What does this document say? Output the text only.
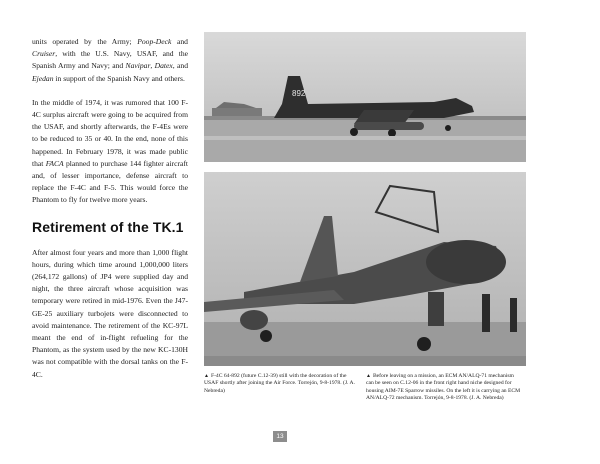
units operated by the Army; Poop-Deck and Cruiser, with the U.S. Navy, USAF, and the Spanish Army and Navy; and Navipar, Datex, and Ejedan in support of the Spanish Navy and others.

In the middle of 1974, it was rumored that 100 F-4C surplus aircraft were going to be acquired from the USAF, and shortly afterwards, the F-4Es were to be reduced to 35 or 40. In the end, none of this happened. In February 1978, it was made public that FACA planned to purchase 144 fighter aircraft and, of lesser importance, defense aircraft to replace the F-4C and F-5. This would force the Phantom to fly for twelve more years.

Retirement of the TK.1

After almost four years and more than 1,000 flight hours, during which time around 1,000,000 liters (264,172 gallons) of JP4 were supplied day and night, the three aircraft whose acquisition was temporary were retired in mid-1976. Even the J47-GE-25 auxiliary turbojets were disconnected to avoid maintenance. The retirement of the KC-97L meant the end of in-flight refueling for the Phantom, as the system used by the new KC-130H was not compatible with the dorsal tanks on the F-4C.

892
▲ F-4C 64-892 (future C.12-39) still with the decoration of the USAF shortly after joining the Air Force. Torrejón, 9-8-1978. (J. A. Nebreda)
▲ Before leaving on a mission, an ECM AN/ALQ-71 mechanism can be seen on C.12-06 in the front right hand niche designed for housing AIM-7E Sparrow missiles. On the left it is carrying an ECM AN/ALQ-72 mechanism. Torrejón, 9-8-1978. (J. A. Nebreda)
13
